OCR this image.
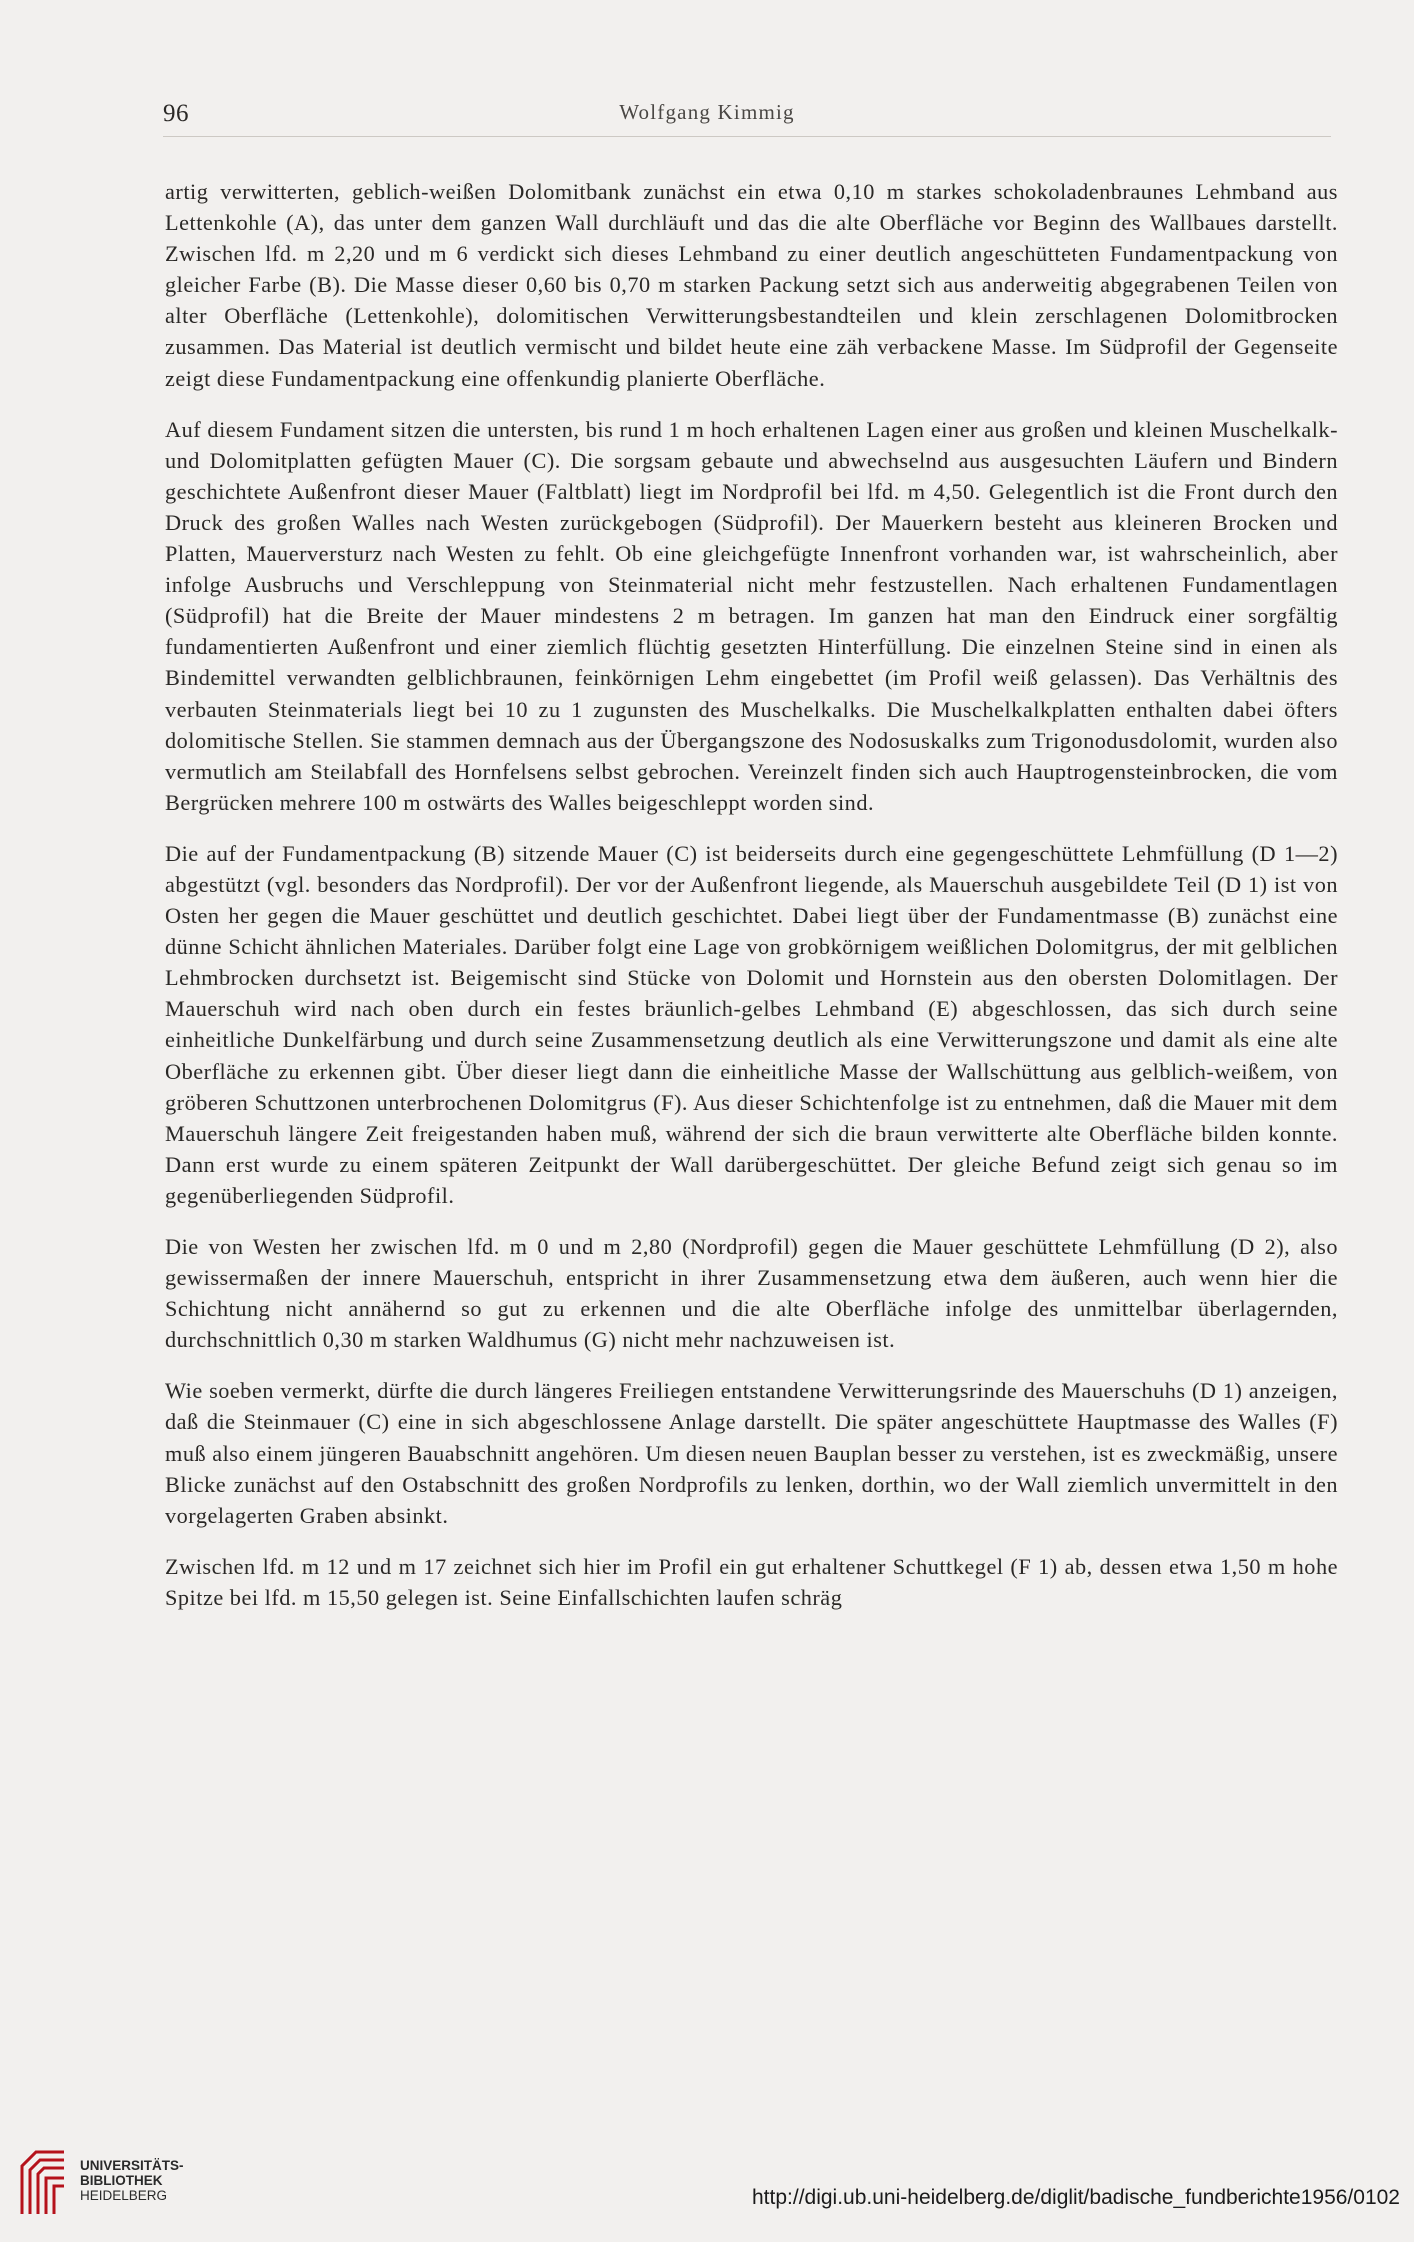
96	Wolfgang Kimmig

artig verwitterten, geblich-weißen Dolomitbank zunächst ein etwa 0,10 m starkes schokoladenbraunes Lehmband aus Lettenkohle (A), das unter dem ganzen Wall durchläuft und das die alte Oberfläche vor Beginn des Wallbaues darstellt. Zwischen lfd. m 2,20 und m 6 verdickt sich dieses Lehmband zu einer deutlich angeschütteten Fundamentpackung von gleicher Farbe (B). Die Masse dieser 0,60 bis 0,70 m starken Packung setzt sich aus anderweitig abgegrabenen Teilen von alter Oberfläche (Lettenkohle), dolomitischen Verwitterungsbestandteilen und klein zerschlagenen Dolomitbrocken zusammen. Das Material ist deutlich vermischt und bildet heute eine zäh verbackene Masse. Im Südprofil der Gegenseite zeigt diese Fundamentpackung eine offenkundig planierte Oberfläche.

Auf diesem Fundament sitzen die untersten, bis rund 1 m hoch erhaltenen Lagen einer aus großen und kleinen Muschelkalk- und Dolomitplatten gefügten Mauer (C). Die sorgsam gebaute und abwechselnd aus ausgesuchten Läufern und Bindern geschichtete Außenfront dieser Mauer (Faltblatt) liegt im Nordprofil bei lfd. m 4,50. Gelegentlich ist die Front durch den Druck des großen Walles nach Westen zurückgebogen (Südprofil). Der Mauerkern besteht aus kleineren Brocken und Platten, Mauerversturz nach Westen zu fehlt. Ob eine gleichgefügte Innenfront vorhanden war, ist wahrscheinlich, aber infolge Ausbruchs und Verschleppung von Steinmaterial nicht mehr festzustellen. Nach erhaltenen Fundamentlagen (Südprofil) hat die Breite der Mauer mindestens 2 m betragen. Im ganzen hat man den Eindruck einer sorgfältig fundamentierten Außenfront und einer ziemlich flüchtig gesetzten Hinterfüllung. Die einzelnen Steine sind in einen als Bindemittel verwandten gelblichbraunen, feinkörnigen Lehm eingebettet (im Profil weiß gelassen). Das Verhältnis des verbauten Steinmaterials liegt bei 10 zu 1 zugunsten des Muschelkalks. Die Muschelkalkplatten enthalten dabei öfters dolomitische Stellen. Sie stammen demnach aus der Übergangszone des Nodosuskalks zum Trigonodusdolomit, wurden also vermutlich am Steilabfall des Hornfelsens selbst gebrochen. Vereinzelt finden sich auch Hauptrogensteinbrocken, die vom Bergrücken mehrere 100 m ostwärts des Walles beigeschleppt worden sind.

Die auf der Fundamentpackung (B) sitzende Mauer (C) ist beiderseits durch eine gegengeschüttete Lehmfüllung (D 1—2) abgestützt (vgl. besonders das Nordprofil). Der vor der Außenfront liegende, als Mauerschuh ausgebildete Teil (D 1) ist von Osten her gegen die Mauer geschüttet und deutlich geschichtet. Dabei liegt über der Fundamentmasse (B) zunächst eine dünne Schicht ähnlichen Materiales. Darüber folgt eine Lage von grobkörnigem weißlichen Dolomitgrus, der mit gelblichen Lehmbrocken durchsetzt ist. Beigemischt sind Stücke von Dolomit und Hornstein aus den obersten Dolomitlagen. Der Mauerschuh wird nach oben durch ein festes bräunlich-gelbes Lehmband (E) abgeschlossen, das sich durch seine einheitliche Dunkelfärbung und durch seine Zusammensetzung deutlich als eine Verwitterungszone und damit als eine alte Oberfläche zu erkennen gibt. Über dieser liegt dann die einheitliche Masse der Wallschüttung aus gelblich-weißem, von gröberen Schuttzonen unterbrochenen Dolomitgrus (F). Aus dieser Schichtenfolge ist zu entnehmen, daß die Mauer mit dem Mauerschuh längere Zeit freigestanden haben muß, während der sich die braun verwitterte alte Oberfläche bilden konnte. Dann erst wurde zu einem späteren Zeitpunkt der Wall darübergeschüttet. Der gleiche Befund zeigt sich genau so im gegenüberliegenden Südprofil.

Die von Westen her zwischen lfd. m 0 und m 2,80 (Nordprofil) gegen die Mauer geschüttete Lehmfüllung (D 2), also gewissermaßen der innere Mauerschuh, entspricht in ihrer Zusammensetzung etwa dem äußeren, auch wenn hier die Schichtung nicht annähernd so gut zu erkennen und die alte Oberfläche infolge des unmittelbar überlagernden, durchschnittlich 0,30 m starken Waldhumus (G) nicht mehr nachzuweisen ist.

Wie soeben vermerkt, dürfte die durch längeres Freiliegen entstandene Verwitterungsrinde des Mauerschuhs (D 1) anzeigen, daß die Steinmauer (C) eine in sich abgeschlossene Anlage darstellt. Die später angeschüttete Hauptmasse des Walles (F) muß also einem jüngeren Bauabschnitt angehören. Um diesen neuen Bauplan besser zu verstehen, ist es zweckmäßig, unsere Blicke zunächst auf den Ostabschnitt des großen Nordprofils zu lenken, dorthin, wo der Wall ziemlich unvermittelt in den vorgelagerten Graben absinkt.

Zwischen lfd. m 12 und m 17 zeichnet sich hier im Profil ein gut erhaltener Schuttkegel (F 1) ab, dessen etwa 1,50 m hohe Spitze bei lfd. m 15,50 gelegen ist. Seine Einfallschichten laufen schräg

UNIVERSITÄTS-
BIBLIOTHEK
HEIDELBERG	http://digi.ub.uni-heidelberg.de/diglit/badische_fundberichte1956/0102
